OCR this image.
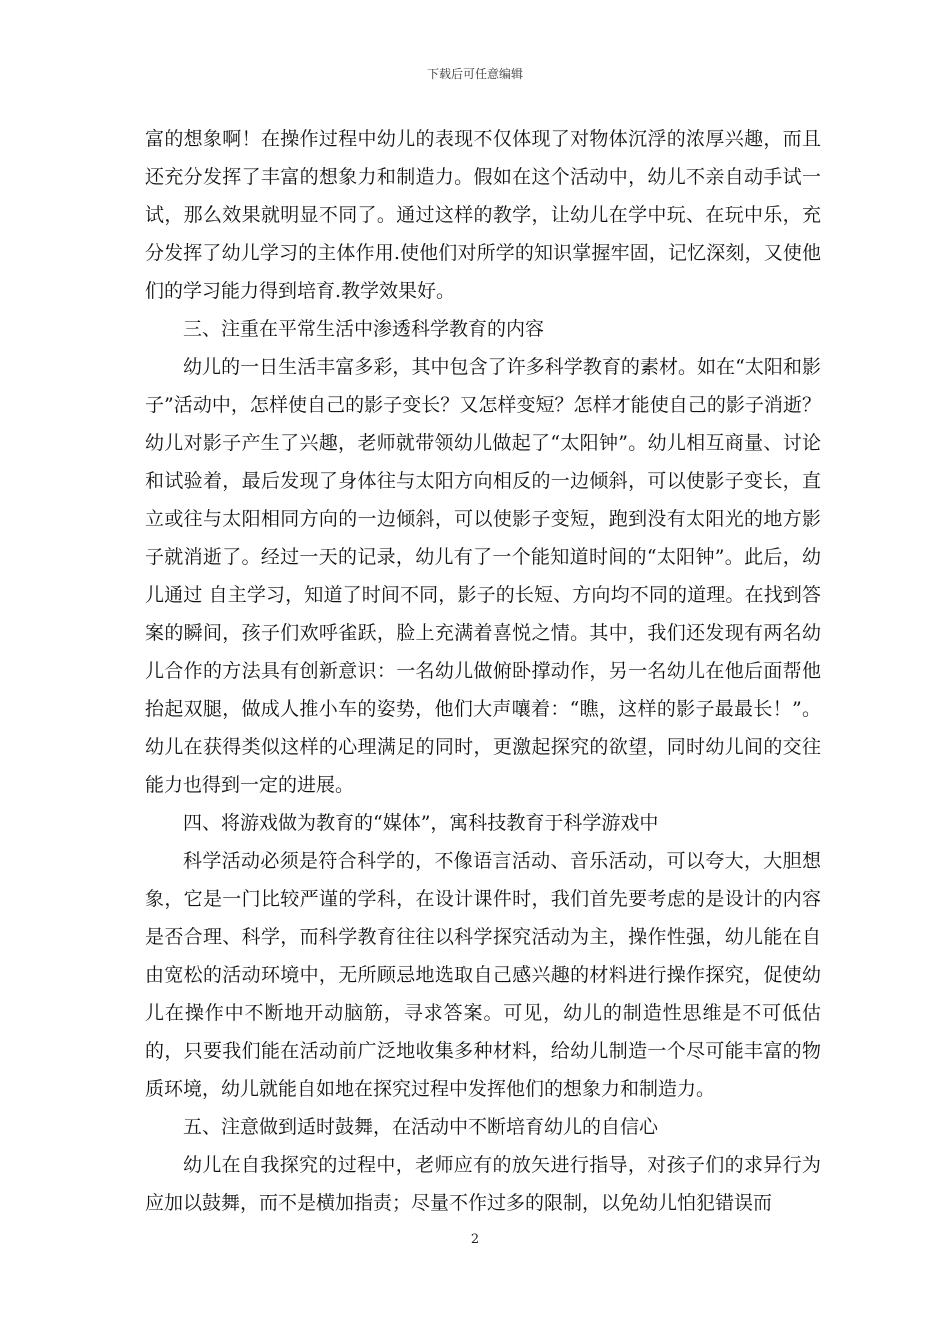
下载后可任意编辑

富的想象啊！在操作过程中幼儿的表现不仅体现了对物体沉浮的浓厚兴趣，而且还充分发挥了丰富的想象力和制造力。假如在这个活动中，幼儿不亲自动手试一试，那么效果就明显不同了。通过这样的教学，让幼儿在学中玩、在玩中乐，充分发挥了幼儿学习的主体作用.使他们对所学的知识掌握牢固，记忆深刻，又使他们的学习能力得到培育.教学效果好。

三、注重在平常生活中渗透科学教育的内容

幼儿的一日生活丰富多彩，其中包含了许多科学教育的素材。如在“太阳和影子”活动中，怎样使自己的影子变长？又怎样变短？怎样才能使自己的影子消逝？幼儿对影子产生了兴趣，老师就带领幼儿做起了“太阳钟”。幼儿相互商量、讨论和试验着，最后发现了身体往与太阳方向相反的一边倾斜，可以使影子变长，直立或往与太阳相同方向的一边倾斜，可以使影子变短，跑到没有太阳光的地方影子就消逝了。经过一天的记录，幼儿有了一个能知道时间的“太阳钟”。此后，幼儿通过 自主学习，知道了时间不同，影子的长短、方向均不同的道理。在找到答案的瞬间，孩子们欢呼雀跃，脸上充满着喜悦之情。其中，我们还发现有两名幼儿合作的方法具有创新意识：一名幼儿做俯卧撑动作，另一名幼儿在他后面帮他抬起双腿，做成人推小车的姿势，他们大声嚷着：“瞧，这样的影子最最长！”。幼儿在获得类似这样的心理满足的同时，更激起探究的欲望，同时幼儿间的交往能力也得到一定的进展。

四、将游戏做为教育的“媒体”，寓科技教育于科学游戏中

科学活动必须是符合科学的，不像语言活动、音乐活动，可以夸大，大胆想象，它是一门比较严谨的学科，在设计课件时，我们首先要考虑的是设计的内容是否合理、科学，而科学教育往往以科学探究活动为主，操作性强，幼儿能在自由宽松的活动环境中，无所顾忌地选取自己感兴趣的材料进行操作探究，促使幼儿在操作中不断地开动脑筋，寻求答案。可见，幼儿的制造性思维是不可低估的，只要我们能在活动前广泛地收集多种材料，给幼儿制造一个尽可能丰富的物质环境，幼儿就能自如地在探究过程中发挥他们的想象力和制造力。

五、注意做到适时鼓舞，在活动中不断培育幼儿的自信心

幼儿在自我探究的过程中，老师应有的放矢进行指导，对孩子们的求异行为应加以鼓舞，而不是横加指责；尽量不作过多的限制，以免幼儿怕犯错误而

2
